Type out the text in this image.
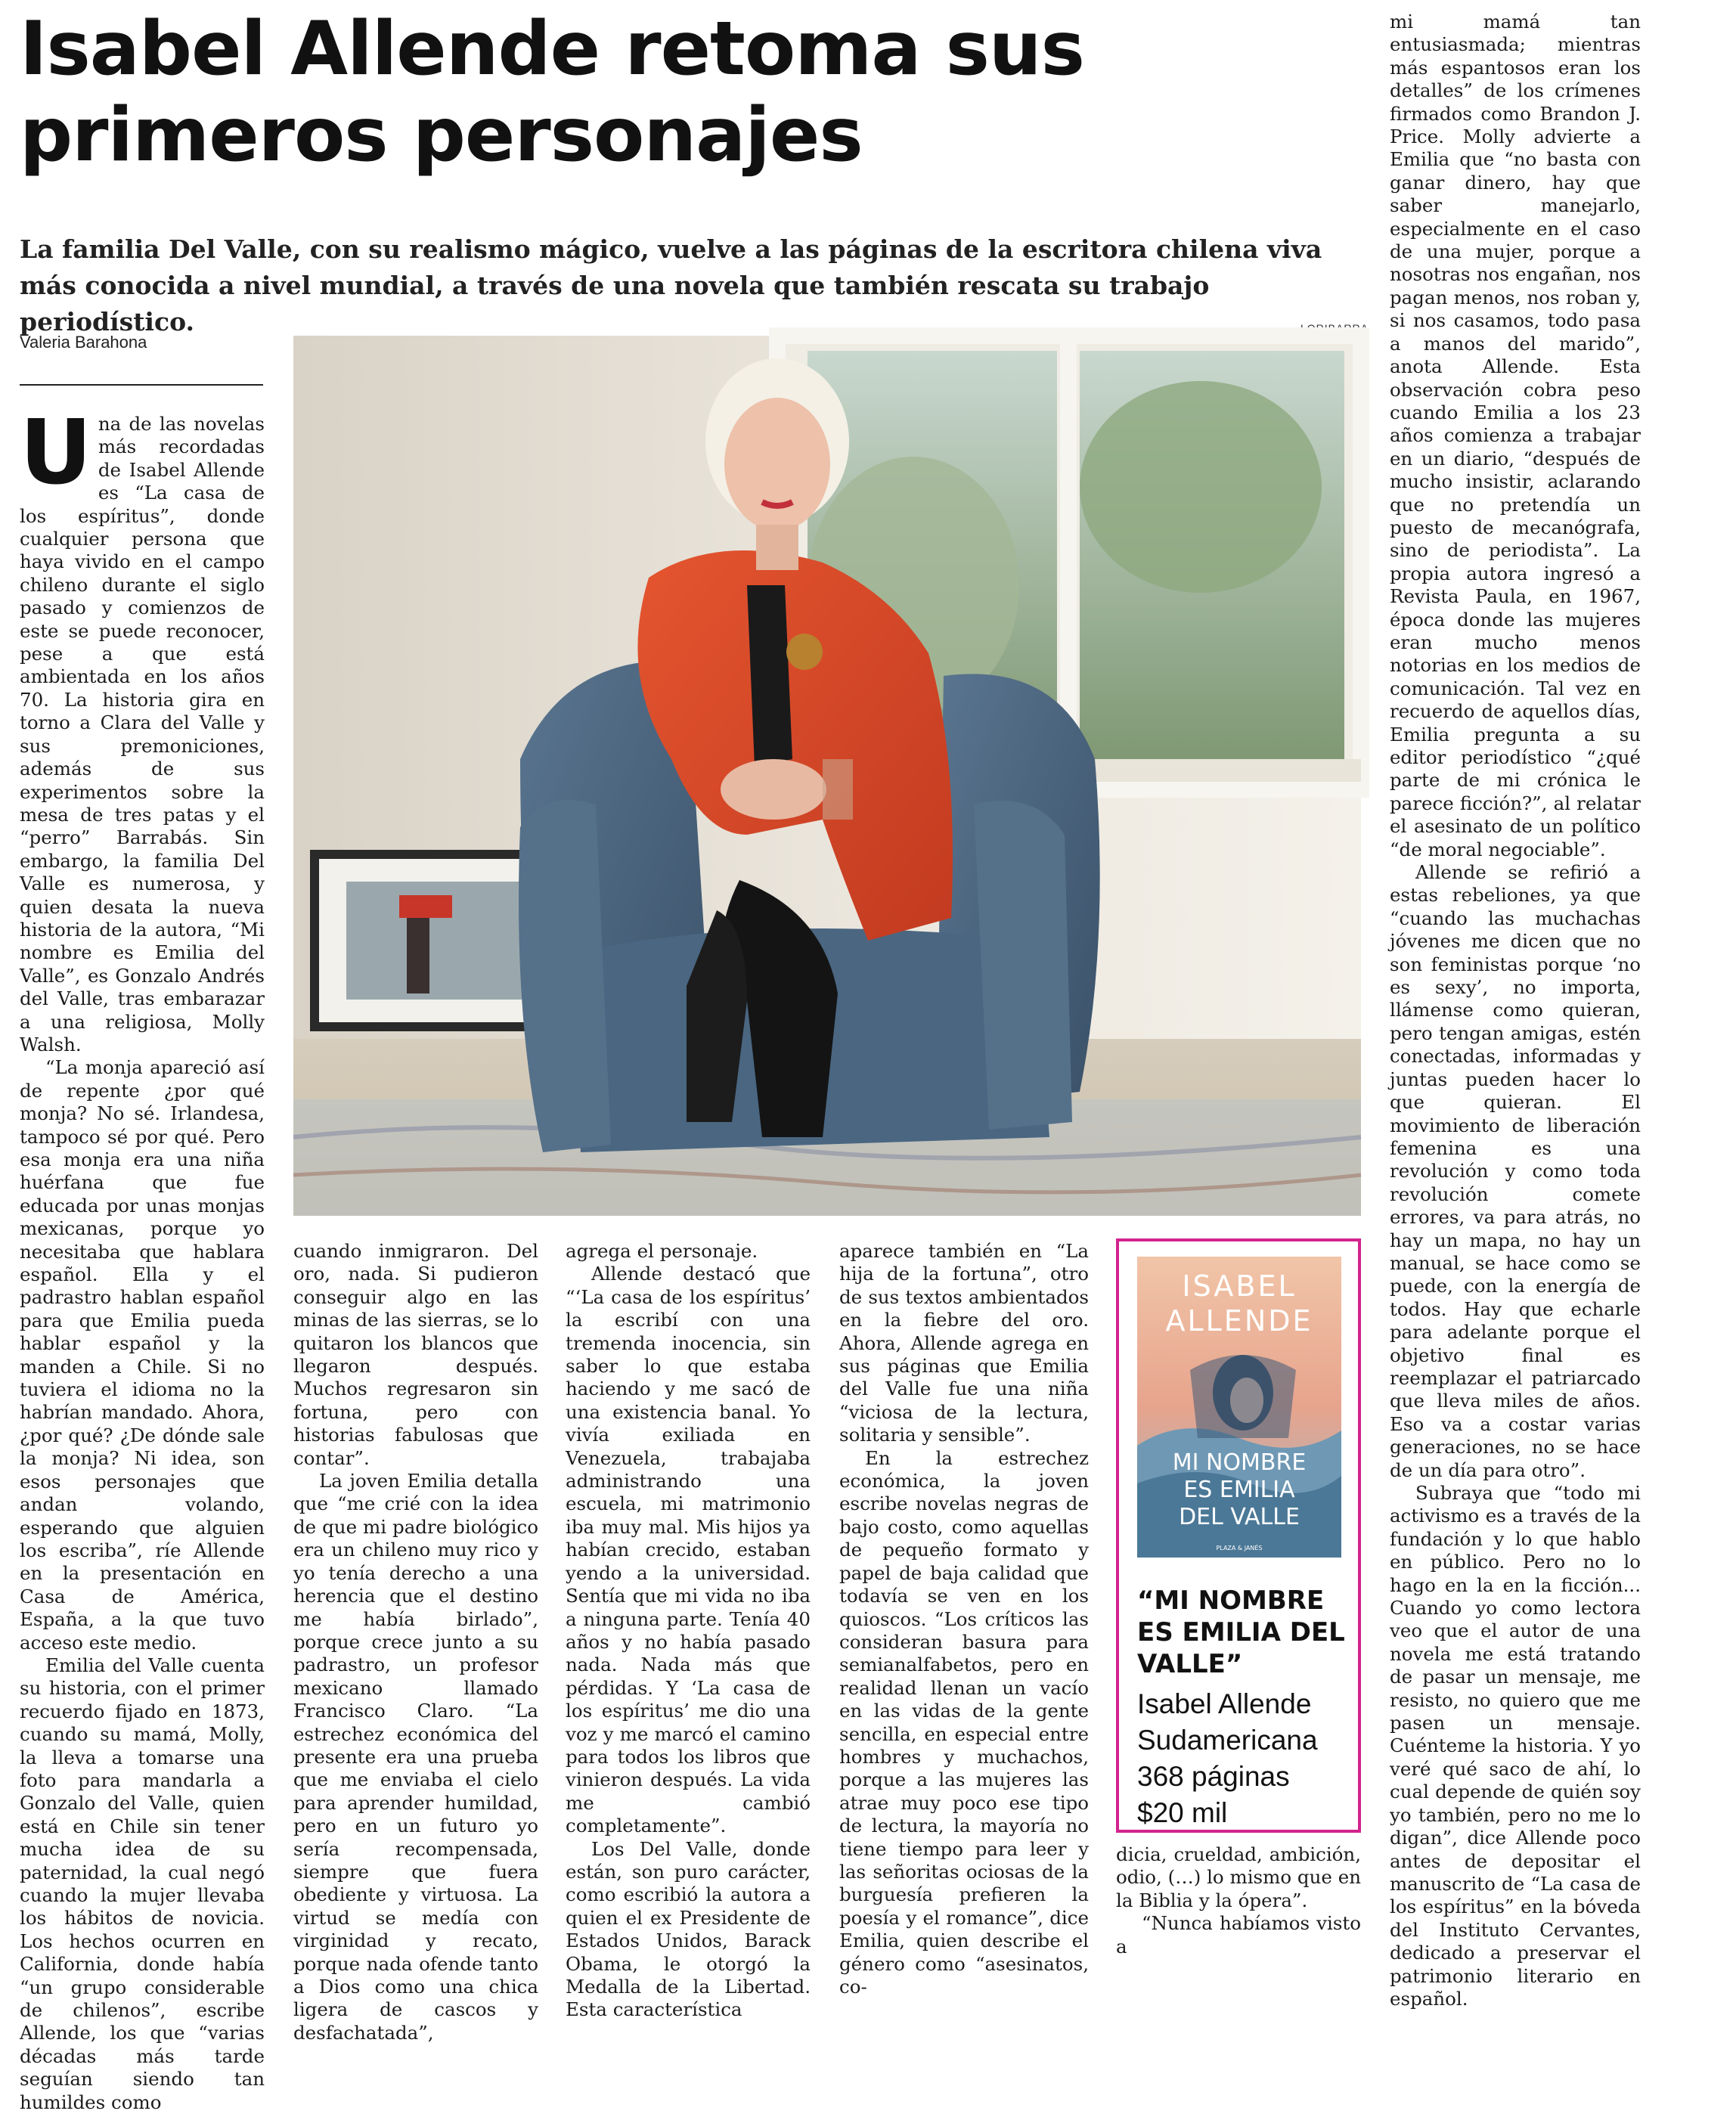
Isabel Allende retoma sus primeros personajes

La familia Del Valle, con su realismo mágico, vuelve a las páginas de la escritora chilena viva más conocida a nivel mundial, a través de una novela que también rescata su trabajo periodístico.

Valeria Barahona
LORIBARRA

Una de las novelas más recordadas de Isabel Allende es “La casa de los espíritus”, donde cualquier persona que haya vivido en el campo chileno durante el siglo pasado y comienzos de este se puede reconocer, pese a que está ambientada en los años 70. La historia gira en torno a Clara del Valle y sus premoniciones, además de sus experimentos sobre la mesa de tres patas y el “perro” Barrabás. Sin embargo, la familia Del Valle es numerosa, y quien desata la nueva historia de la autora, “Mi nombre es Emilia del Valle”, es Gonzalo Andrés del Valle, tras embarazar a una religiosa, Molly Walsh.

“La monja apareció así de repente ¿por qué monja? No sé. Irlandesa, tampoco sé por qué. Pero esa monja era una niña huérfana que fue educada por unas monjas mexicanas, porque yo necesitaba que hablara español. Ella y el padrastro hablan español para que Emilia pueda hablar español y la manden a Chile. Si no tuviera el idioma no la habrían mandado. Ahora, ¿por qué? ¿De dónde sale la monja? Ni idea, son esos personajes que andan volando, esperando que alguien los escriba”, ríe Allende en la presentación en Casa de América, España, a la que tuvo acceso este medio.

Emilia del Valle cuenta su historia, con el primer recuerdo fijado en 1873, cuando su mamá, Molly, la lleva a tomarse una foto para mandarla a Gonzalo del Valle, quien está en Chile sin tener mucha idea de su paternidad, la cual negó cuando la mujer llevaba los hábitos de novicia. Los hechos ocurren en California, donde había “un grupo considerable de chilenos”, escribe Allende, los que “varias décadas más tarde seguían siendo tan humildes como

cuando inmigraron. Del oro, nada. Si pudieron conseguir algo en las minas de las sierras, se lo quitaron los blancos que llegaron después. Muchos regresaron sin fortuna, pero con historias fabulosas que contar”.

La joven Emilia detalla que “me crié con la idea de que mi padre biológico era un chileno muy rico y yo tenía derecho a una herencia que el destino me había birlado”, porque crece junto a su padrastro, un profesor mexicano llamado Francisco Claro. “La estrechez económica del presente era una prueba que me enviaba el cielo para aprender humildad, pero en un futuro yo sería recompensada, siempre que fuera obediente y virtuosa. La virtud se medía con virginidad y recato, porque nada ofende tanto a Dios como una chica ligera de cascos y desfachatada”,

agrega el personaje.

Allende destacó que “‘La casa de los espíritus’ la escribí con una tremenda inocencia, sin saber lo que estaba haciendo y me sacó de una existencia banal. Yo vivía exiliada en Venezuela, trabajaba administrando una escuela, mi matrimonio iba muy mal. Mis hijos ya habían crecido, estaban yendo a la universidad. Sentía que mi vida no iba a ninguna parte. Tenía 40 años y no había pasado nada. Nada más que pérdidas. Y ‘La casa de los espíritus’ me dio una voz y me marcó el camino para todos los libros que vinieron después. La vida me cambió completamente”.

Los Del Valle, donde están, son puro carácter, como escribió la autora a quien el ex Presidente de Estados Unidos, Barack Obama, le otorgó la Medalla de la Libertad. Esta característica

aparece también en “La hija de la fortuna”, otro de sus textos ambientados en la fiebre del oro. Ahora, Allende agrega en sus páginas que Emilia del Valle fue una niña “viciosa de la lectura, solitaria y sensible”.

En la estrechez económica, la joven escribe novelas negras de bajo costo, como aquellas de pequeño formato y papel de baja calidad que todavía se ven en los quioscos. “Los críticos las consideran basura para semianalfabetos, pero en realidad llenan un vacío en las vidas de la gente sencilla, en especial entre hombres y muchachos, porque a las mujeres las atrae muy poco ese tipo de lectura, la mayoría no tiene tiempo para leer y las señoritas ociosas de la burguesía prefieren la poesía y el romance”, dice Emilia, quien describe el género como “asesinatos, co-

dicia, crueldad, ambición, odio, (…) lo mismo que en la Biblia y la ópera”.

“Nunca habíamos visto a

mi mamá tan entusiasmada; mientras más espantosos eran los detalles” de los crímenes firmados como Brandon J. Price. Molly advierte a Emilia que “no basta con ganar dinero, hay que saber manejarlo, especialmente en el caso de una mujer, porque a nosotras nos engañan, nos pagan menos, nos roban y, si nos casamos, todo pasa a manos del marido”, anota Allende. Esta observación cobra peso cuando Emilia a los 23 años comienza a trabajar en un diario, “después de mucho insistir, aclarando que no pretendía un puesto de mecanógrafa, sino de periodista”. La propia autora ingresó a Revista Paula, en 1967, época donde las mujeres eran mucho menos notorias en los medios de comunicación. Tal vez en recuerdo de aquellos días, Emilia pregunta a su editor periodístico “¿qué parte de mi crónica le parece ficción?”, al relatar el asesinato de un político “de moral negociable”.

Allende se refirió a estas rebeliones, ya que “cuando las muchachas jóvenes me dicen que no son feministas porque ‘no es sexy’, no importa, llámense como quieran, pero tengan amigas, estén conectadas, informadas y juntas pueden hacer lo que quieran. El movimiento de liberación femenina es una revolución y como toda revolución comete errores, va para atrás, no hay un mapa, no hay un manual, se hace como se puede, con la energía de todos. Hay que echarle para adelante porque el objetivo final es reemplazar el patriarcado que lleva miles de años. Eso va a costar varias generaciones, no se hace de un día para otro”.

Subraya que “todo mi activismo es a través de la fundación y lo que hablo en público. Pero no lo hago en la en la ficción... Cuando yo como lectora veo que el autor de una novela me está tratando de pasar un mensaje, me resisto, no quiero que me pasen un mensaje. Cuénteme la historia. Y yo veré qué saco de ahí, lo cual depende de quién soy yo también, pero no me lo digan”, dice Allende poco antes de depositar el manuscrito de “La casa de los espíritus” en la bóveda del Instituto Cervantes, dedicado a preservar el patrimonio literario en español.

ISABEL
ALLENDE
MI NOMBRE
ES EMILIA
DEL VALLE
PLAZA & JANÉS
“MI NOMBRE ES EMILIA DEL VALLE”
Isabel Allende
Sudamericana
368 páginas
$20 mil
